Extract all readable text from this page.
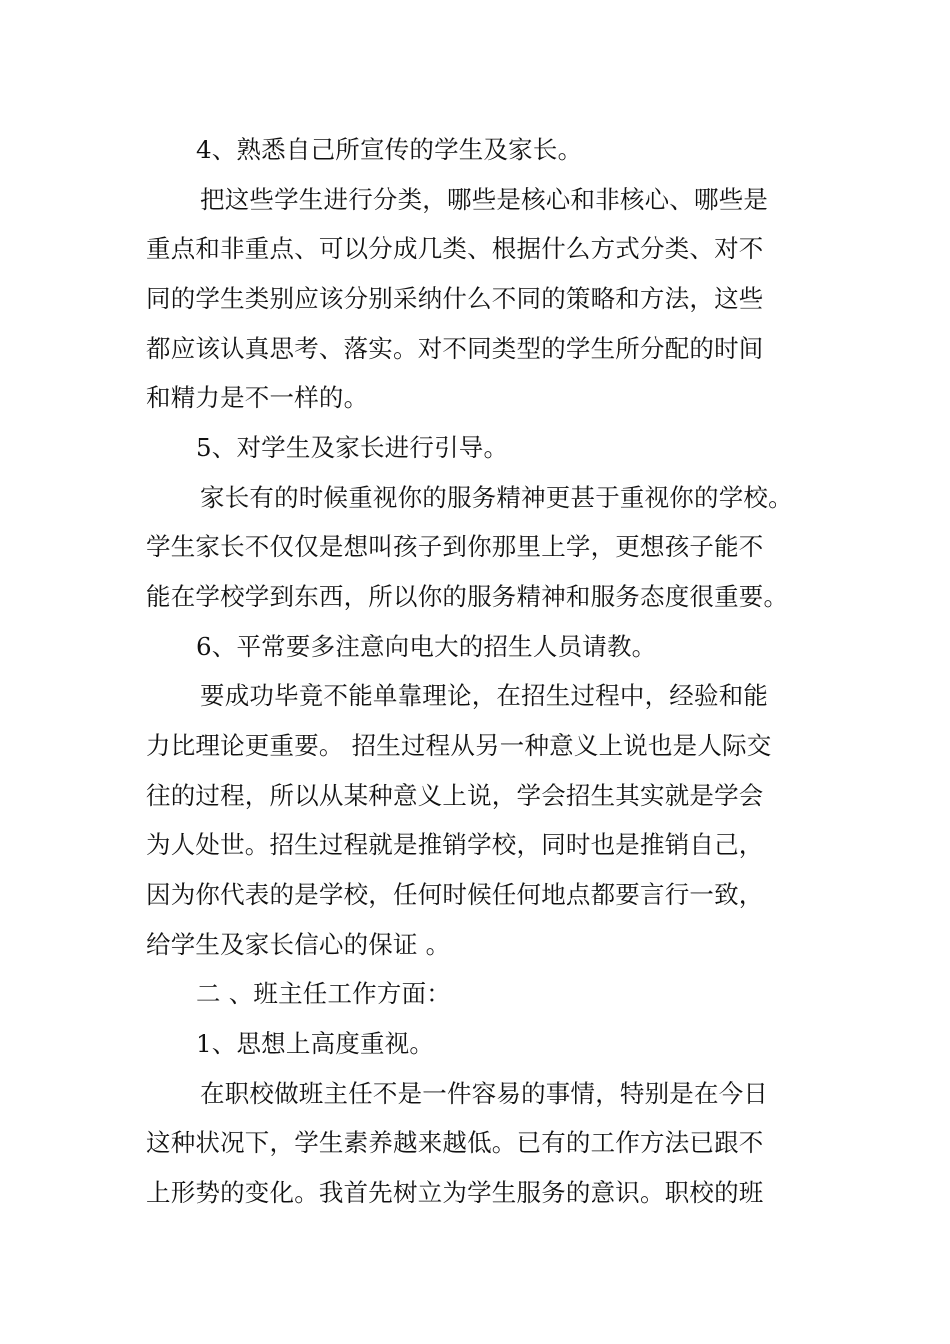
4、熟悉自己所宣传的学生及家长。

把这些学生进行分类，哪些是核心和非核心、哪些是

重点和非重点、可以分成几类、根据什么方式分类、对不

同的学生类别应该分别采纳什么不同的策略和方法，这些

都应该认真思考、落实。对不同类型的学生所分配的时间

和精力是不一样的。

5、对学生及家长进行引导。

家长有的时候重视你的服务精神更甚于重视你的学校。

学生家长不仅仅是想叫孩子到你那里上学，更想孩子能不

能在学校学到东西，所以你的服务精神和服务态度很重要。

6、平常要多注意向电大的招生人员请教。

要成功毕竟不能单靠理论，在招生过程中，经验和能

力比理论更重要。 招生过程从另一种意义上说也是人际交

往的过程，所以从某种意义上说，学会招生其实就是学会

为人处世。招生过程就是推销学校，同时也是推销自己，

因为你代表的是学校，任何时候任何地点都要言行一致，

给学生及家长信心的保证 。

二 、班主任工作方面：

1、思想上高度重视。

在职校做班主任不是一件容易的事情，特别是在今日

这种状况下，学生素养越来越低。已有的工作方法已跟不

上形势的变化。我首先树立为学生服务的意识。职校的班
